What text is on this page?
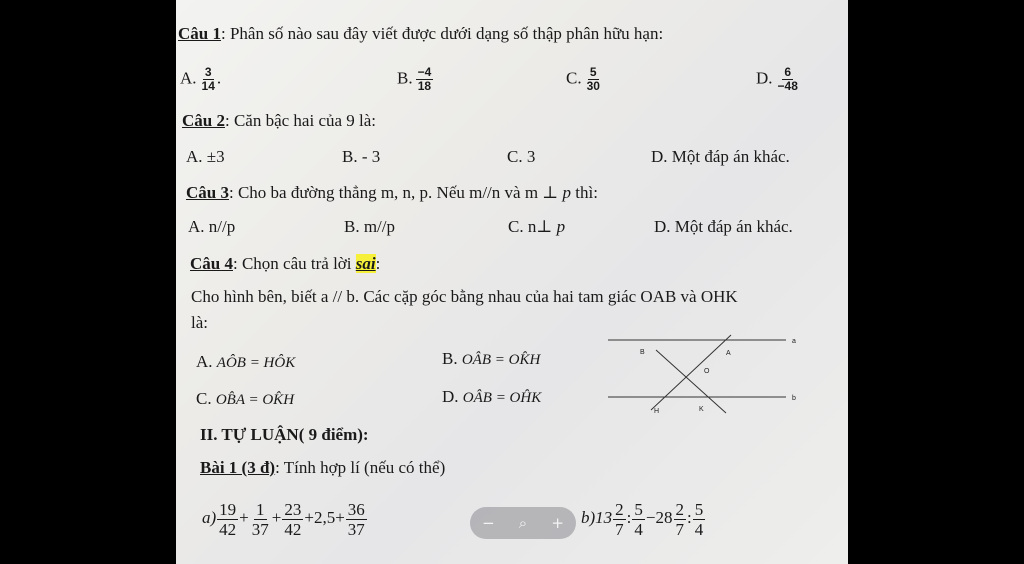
Câu 1: Phân số nào sau đây viết được dưới dạng số thập phân hữu hạn:
A. $\frac{3}{14}$ .	B. $\frac{-4}{18}$	C. $\frac{5}{30}$	D. $\frac{6}{-48}$
Câu 2: Căn bậc hai của 9 là:
A. ±3	B. - 3	C. 3	D. Một đáp án khác.
Câu 3: Cho ba đường thẳng m, n, p. Nếu m//n và m ⊥ p thì:
A. n//p	B. m//p	C. n⊥ p	D. Một đáp án khác.
Câu 4: Chọn câu trả lời sai:
Cho hình bên, biết a // b. Các cặp góc bằng nhau của hai tam giác OAB và OHK
là:
A. AÔB = HÔK	B. OÂB = OK̂H
C. OB̂A = OK̂H	D. OÂB = OĤK
a
b
B	A
O
H	K
II. TỰ LUẬN( 9 điểm):
Bài 1 (3 đ): Tính hợp lí (nếu có thể)
$a) \frac{19}{42} + \frac{1}{37} + \frac{23}{42} +2,5+ \frac{36}{37}$	$b)13 \frac{2}{7}$ : $\frac{5}{4} -28 \frac{2}{7}$ : $\frac{5}{4}$
− ⌕ +
